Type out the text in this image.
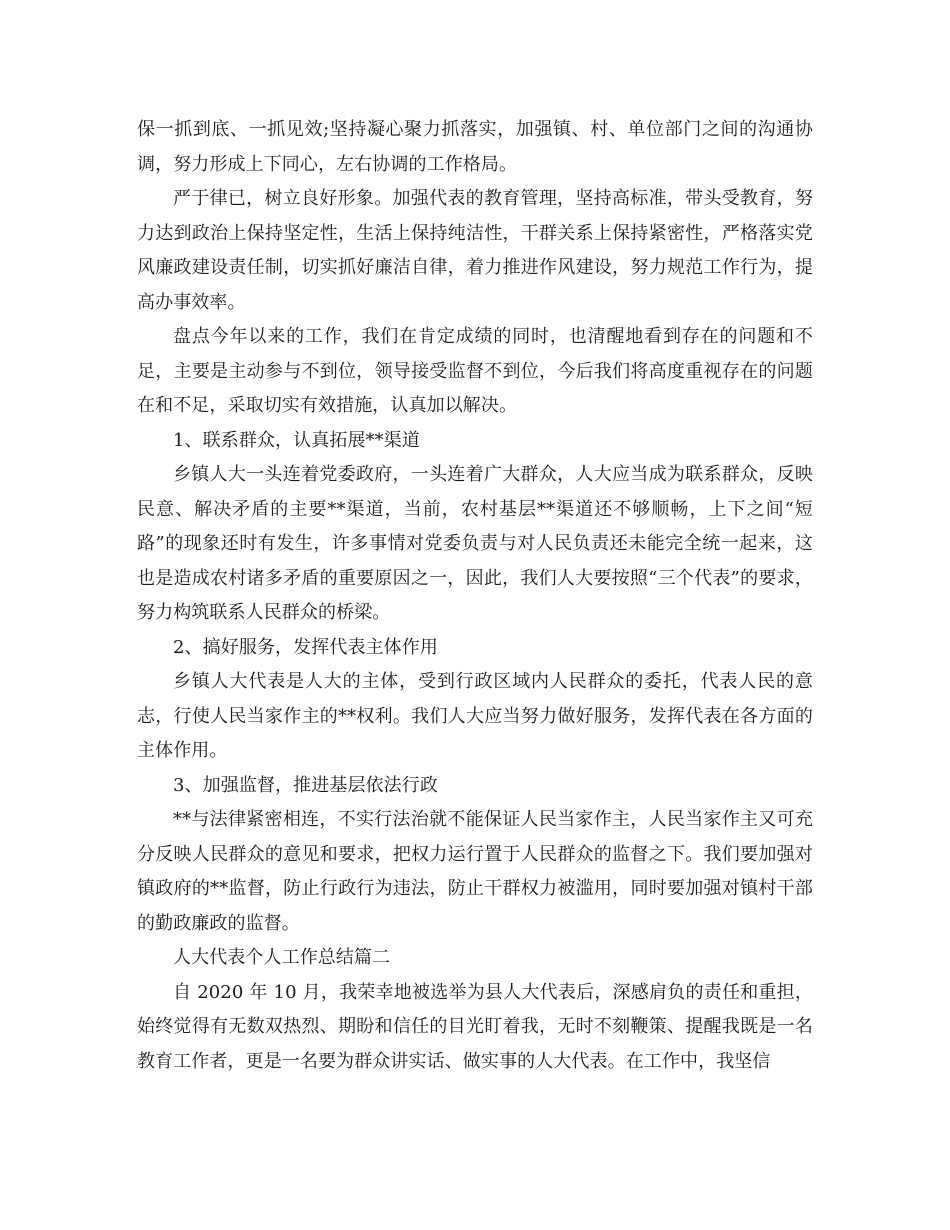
保一抓到底、一抓见效;坚持凝心聚力抓落实，加强镇、村、单位部门之间的沟通协调，努力形成上下同心，左右协调的工作格局。

严于律已，树立良好形象。加强代表的教育管理，坚持高标准，带头受教育，努力达到政治上保持坚定性，生活上保持纯洁性，干群关系上保持紧密性，严格落实党风廉政建设责任制，切实抓好廉洁自律，着力推进作风建设，努力规范工作行为，提高办事效率。

盘点今年以来的工作，我们在肯定成绩的同时，也清醒地看到存在的问题和不足，主要是主动参与不到位，领导接受监督不到位，今后我们将高度重视存在的问题在和不足，采取切实有效措施，认真加以解决。

1、联系群众，认真拓展**渠道

乡镇人大一头连着党委政府，一头连着广大群众，人大应当成为联系群众，反映民意、解决矛盾的主要**渠道，当前，农村基层**渠道还不够顺畅，上下之间“短路”的现象还时有发生，许多事情对党委负责与对人民负责还未能完全统一起来，这也是造成农村诸多矛盾的重要原因之一，因此，我们人大要按照“三个代表”的要求，努力构筑联系人民群众的桥梁。

2、搞好服务，发挥代表主体作用

乡镇人大代表是人大的主体，受到行政区域内人民群众的委托，代表人民的意志，行使人民当家作主的**权利。我们人大应当努力做好服务，发挥代表在各方面的主体作用。

3、加强监督，推进基层依法行政

**与法律紧密相连，不实行法治就不能保证人民当家作主，人民当家作主又可充分反映人民群众的意见和要求，把权力运行置于人民群众的监督之下。我们要加强对镇政府的**监督，防止行政行为违法，防止干群权力被滥用，同时要加强对镇村干部的勤政廉政的监督。

人大代表个人工作总结篇二

自 2020 年 10 月，我荣幸地被选举为县人大代表后，深感肩负的责任和重担，始终觉得有无数双热烈、期盼和信任的目光盯着我，无时不刻鞭策、提醒我既是一名教育工作者，更是一名要为群众讲实话、做实事的人大代表。在工作中，我坚信
